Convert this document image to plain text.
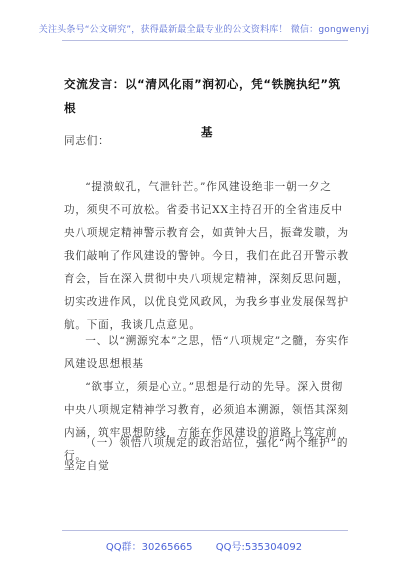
关注头条号“公文研究”，获得最新最全最专业的公文资料库！ 微信：gongwenyj
交流发言：以“清风化雨”润初心，凭“铁腕执纪”筑根
基
同志们：
“提溃蚁孔，气泄针芒。”作风建设绝非一朝一夕之功，须臾不可放松。省委书记XX主持召开的全省违反中央八项规定精神警示教育会，如黄钟大吕，振聋发聩，为我们敲响了作风建设的警钟。今日，我们在此召开警示教育会，旨在深入贯彻中央八项规定精神，深刻反思问题，切实改进作风，以优良党风政风，为我乡事业发展保驾护航。下面，我谈几点意见。
一、以“溯源究本”之思，悟“八项规定”之髓，夯实作风建设思想根基
“欲事立，须是心立。”思想是行动的先导。深入贯彻中央八项规定精神学习教育，必须追本溯源，领悟其深刻内涵，筑牢思想防线，方能在作风建设的道路上笃定前行。
（一）领悟八项规定的政治站位，强化“两个维护”的坚定自觉
QQ群：30265665 QQ号:535304092
